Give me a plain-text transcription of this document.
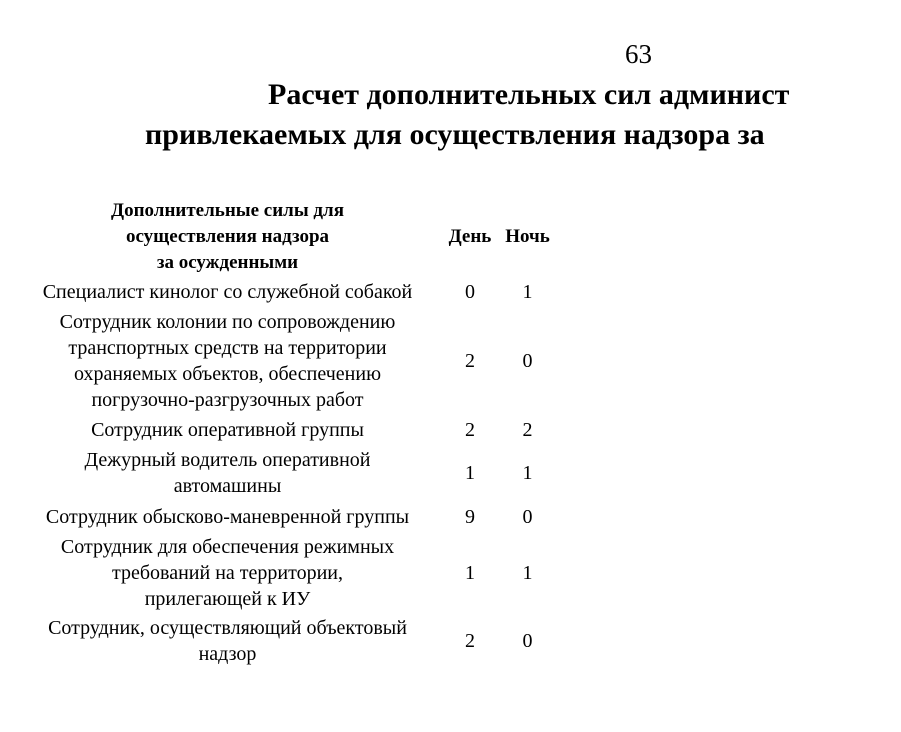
63
Расчет дополнительных сил админист
привлекаемых для осуществления надзора за
Дополнительные силы для
осуществления надзора
за осужденными	День	Ночь

Специалист кинолог со служебной собакой	0	1

Сотрудник колонии по сопровождению
транспортных средств на территории
охраняемых объектов, обеспечению
погрузочно-разгрузочных работ	2	0

Сотрудник оперативной группы	2	2

Дежурный водитель оперативной
автомашины	1	1

Сотрудник обысково-маневренной группы	9	0

Сотрудник для обеспечения режимных
требований на территории,
прилегающей к ИУ	1	1

Сотрудник, осуществляющий объектовый
надзор	2	0
